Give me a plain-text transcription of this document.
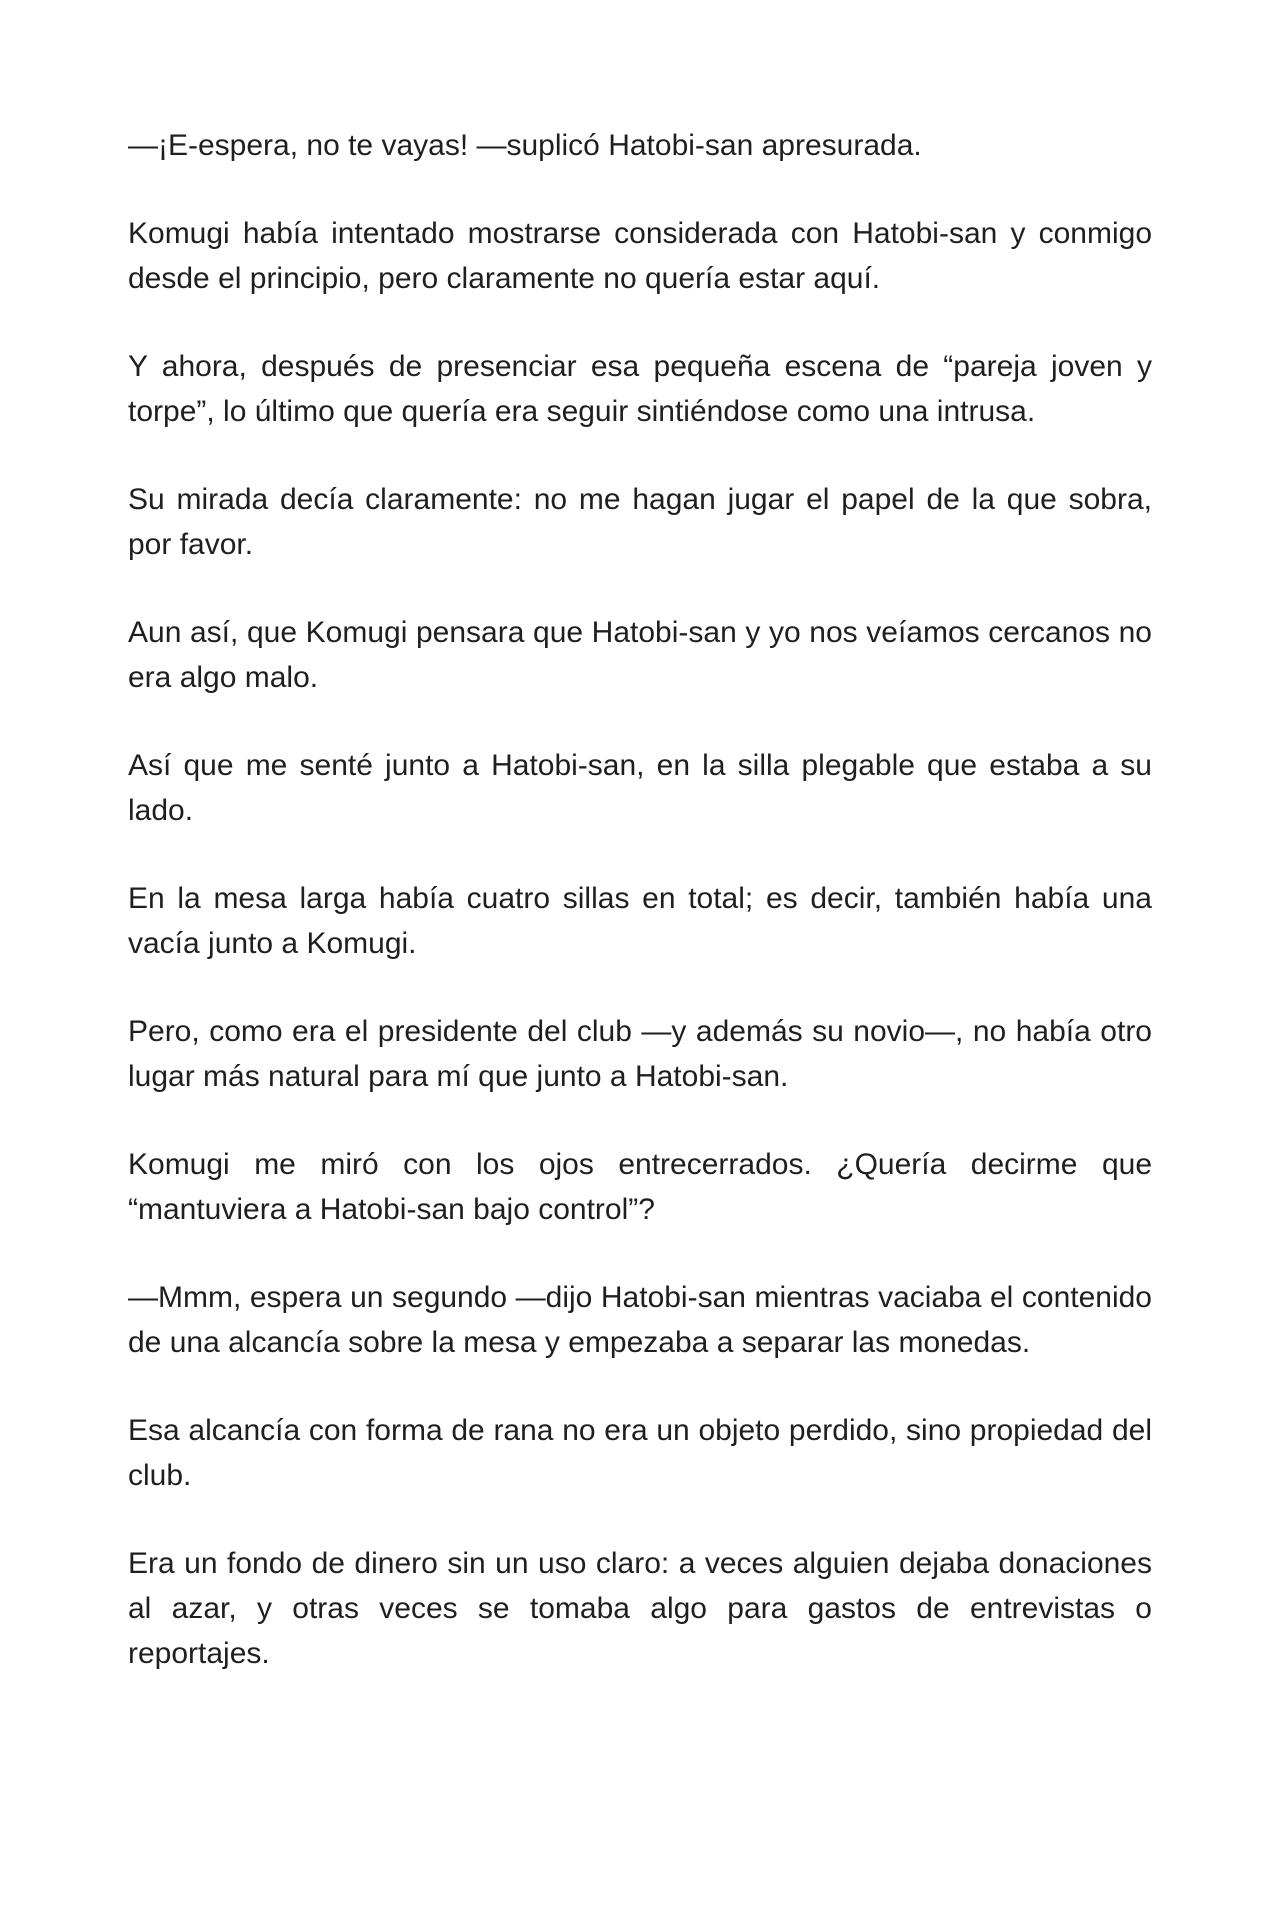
—¡E-espera, no te vayas! —suplicó Hatobi-san apresurada.

Komugi había intentado mostrarse considerada con Hatobi-san y conmigo desde el principio, pero claramente no quería estar aquí.

Y ahora, después de presenciar esa pequeña escena de “pareja joven y torpe”, lo último que quería era seguir sintiéndose como una intrusa.

Su mirada decía claramente: no me hagan jugar el papel de la que sobra, por favor.

Aun así, que Komugi pensara que Hatobi-san y yo nos veíamos cercanos no era algo malo.

Así que me senté junto a Hatobi-san, en la silla plegable que estaba a su lado.

En la mesa larga había cuatro sillas en total; es decir, también había una vacía junto a Komugi.

Pero, como era el presidente del club —y además su novio—, no había otro lugar más natural para mí que junto a Hatobi-san.

Komugi me miró con los ojos entrecerrados. ¿Quería decirme que “mantuviera a Hatobi-san bajo control”?

—Mmm, espera un segundo —dijo Hatobi-san mientras vaciaba el contenido de una alcancía sobre la mesa y empezaba a separar las monedas.

Esa alcancía con forma de rana no era un objeto perdido, sino propiedad del club.

Era un fondo de dinero sin un uso claro: a veces alguien dejaba donaciones al azar, y otras veces se tomaba algo para gastos de entrevistas o reportajes.
